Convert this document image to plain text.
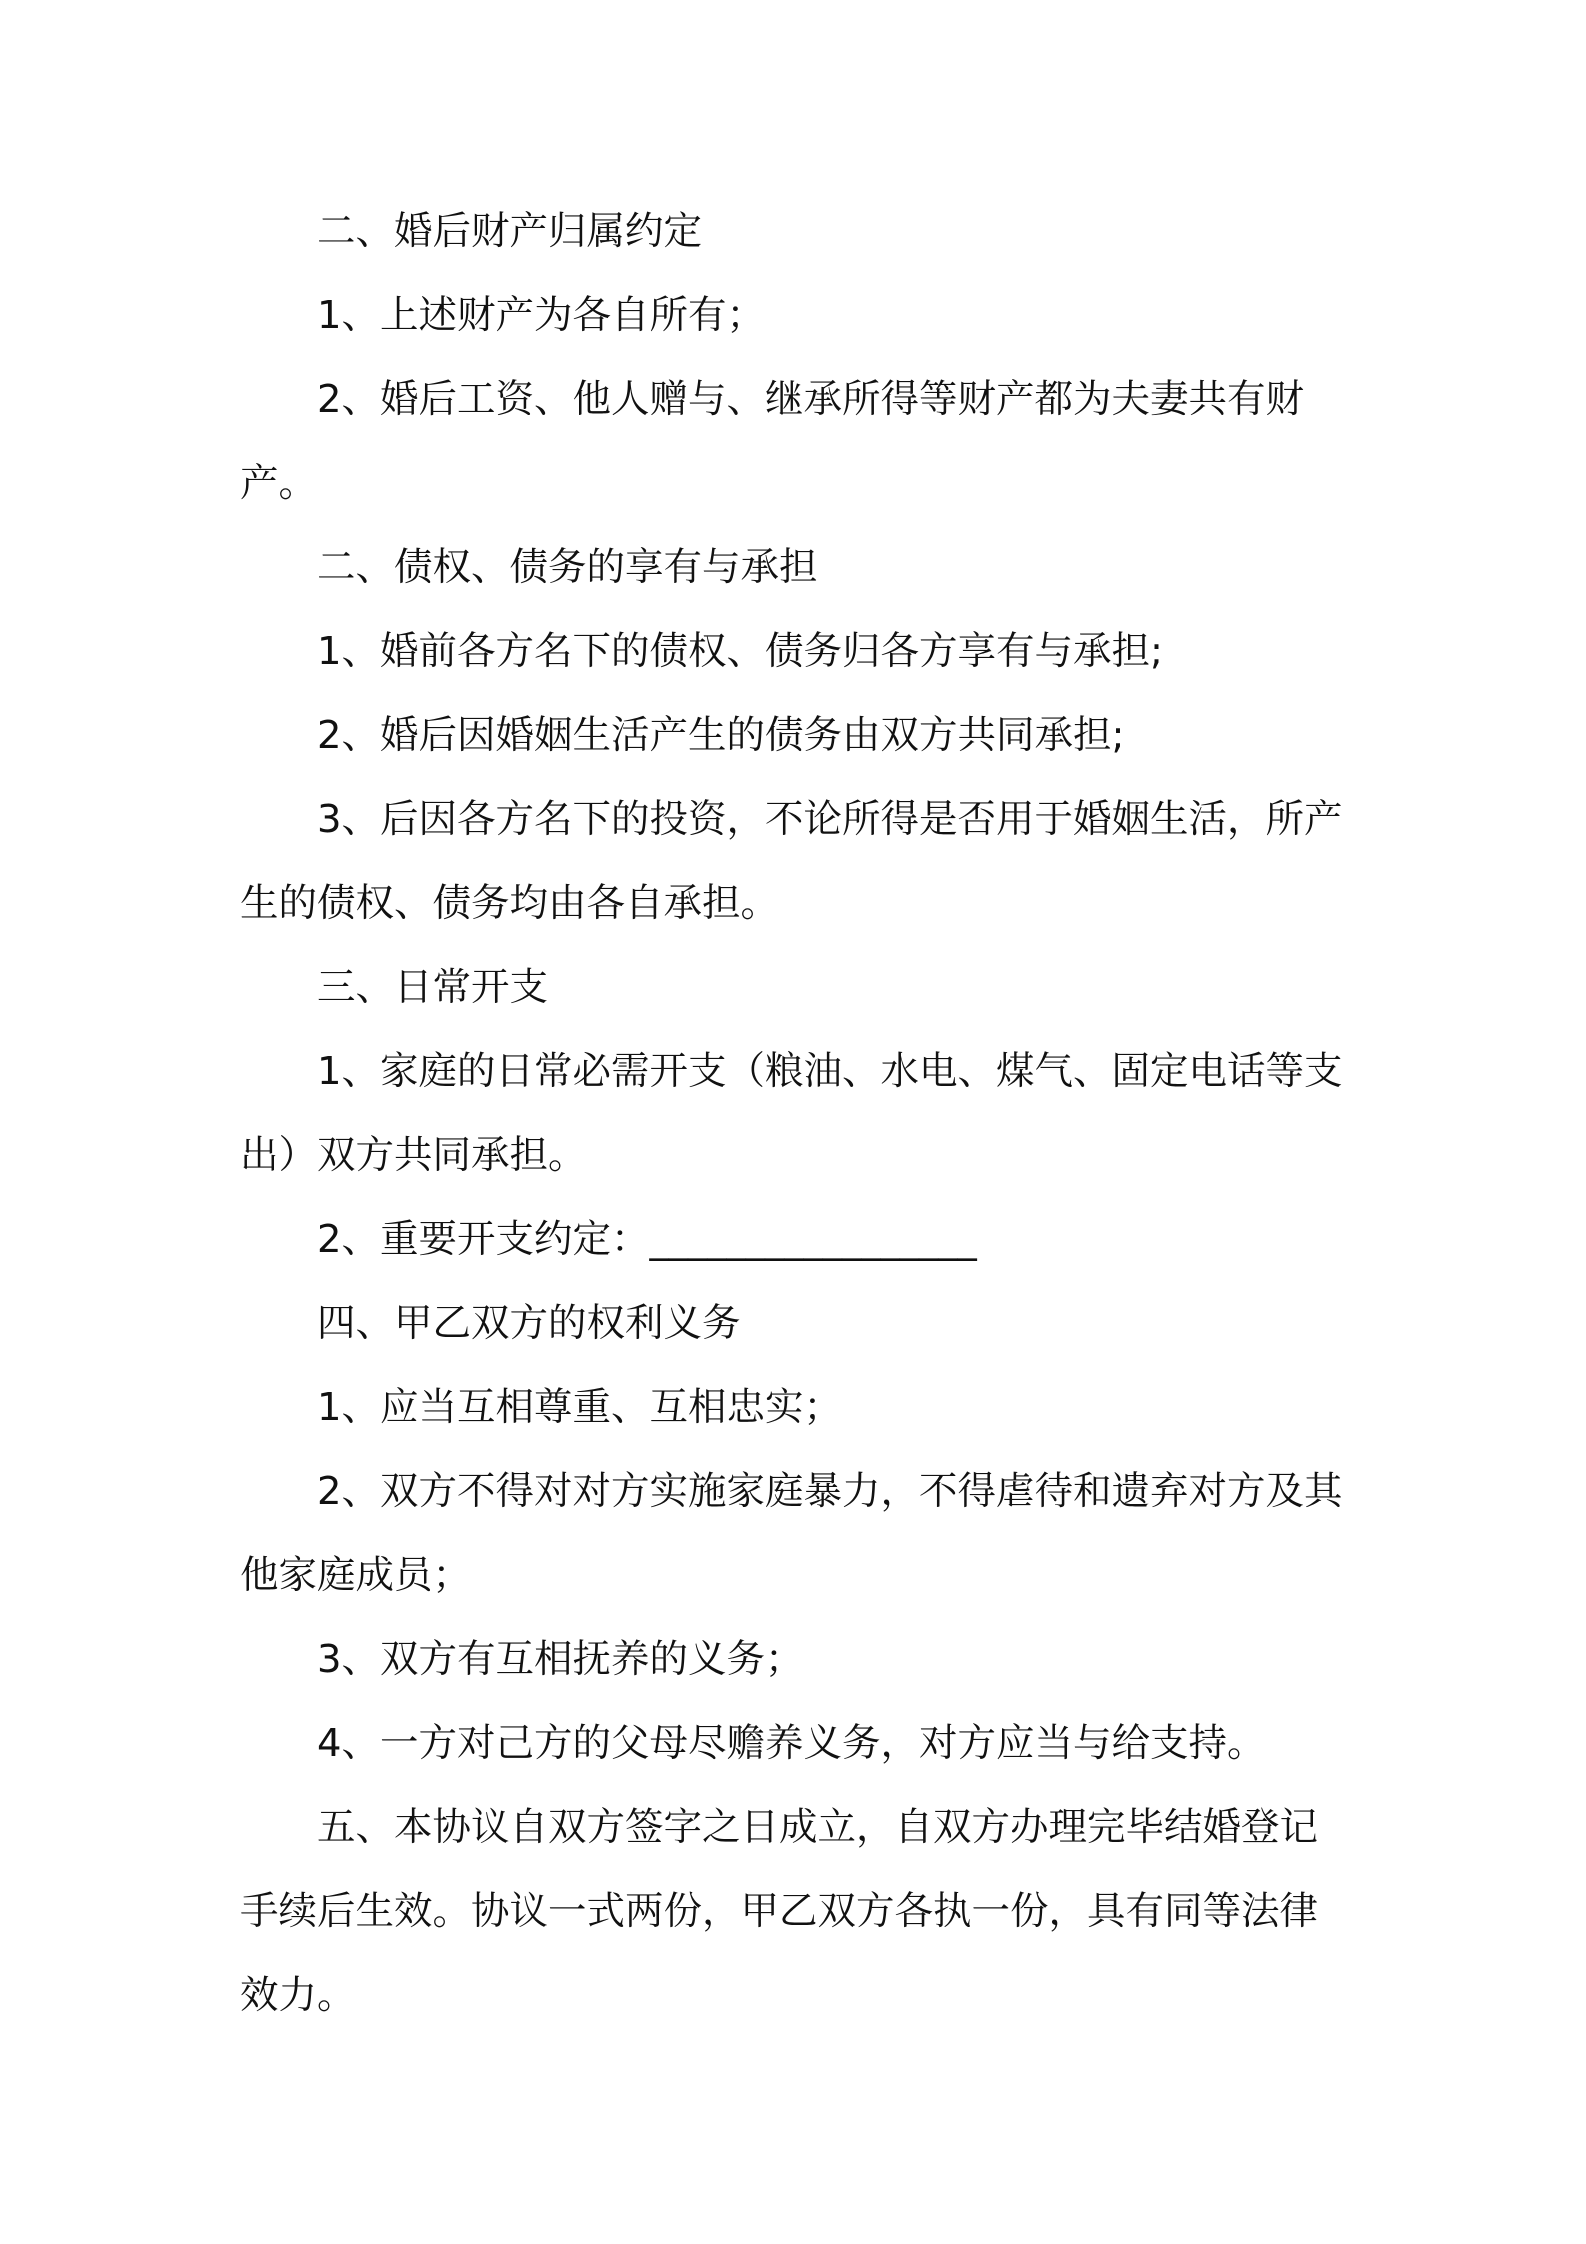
二、婚后财产归属约定

1、上述财产为各自所有；

2、婚后工资、他人赠与、继承所得等财产都为夫妻共有财产。

二、债权、债务的享有与承担

1、婚前各方名下的债权、债务归各方享有与承担;

2、婚后因婚姻生活产生的债务由双方共同承担;

3、后因各方名下的投资，不论所得是否用于婚姻生活，所产生的债权、债务均由各自承担。

三、日常开支

1、家庭的日常必需开支（粮油、水电、煤气、固定电话等支出）双方共同承担。

2、重要开支约定：_________________

四、甲乙双方的权利义务

1、应当互相尊重、互相忠实；

2、双方不得对对方实施家庭暴力，不得虐待和遗弃对方及其他家庭成员；

3、双方有互相抚养的义务；

4、一方对己方的父母尽赡养义务，对方应当与给支持。

五、本协议自双方签字之日成立，自双方办理完毕结婚登记手续后生效。协议一式两份，甲乙双方各执一份，具有同等法律效力。
